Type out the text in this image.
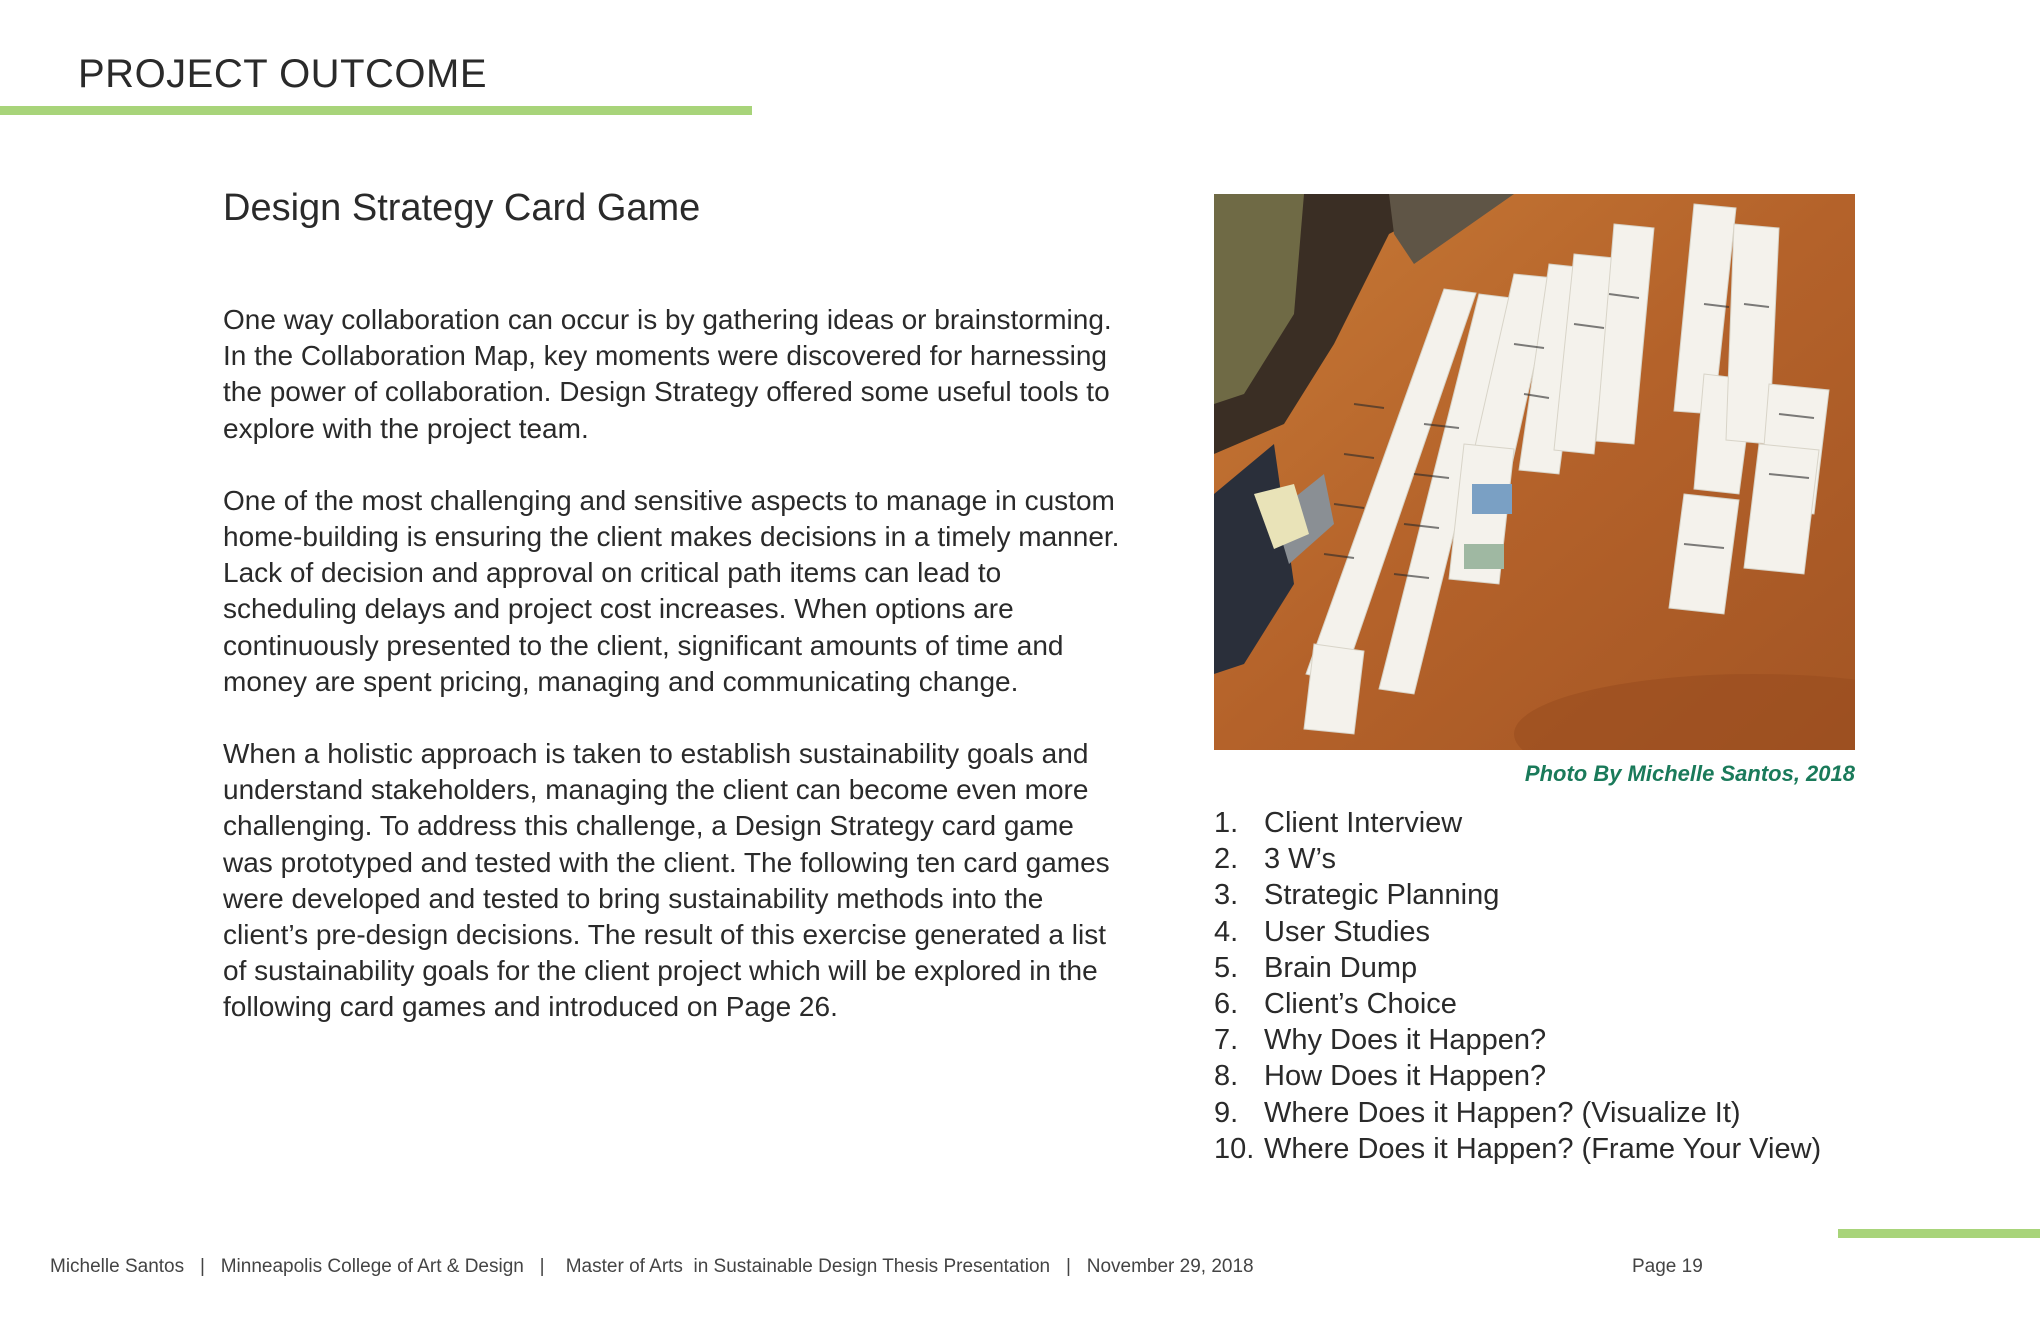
PROJECT OUTCOME
Design Strategy Card Game

One way collaboration can occur is by gathering ideas or brainstorming. In the Collaboration Map, key moments were discovered for harnessing the power of collaboration. Design Strategy offered some useful tools to explore with the project team.

One of the most challenging and sensitive aspects to manage in custom home-building is ensuring the client makes decisions in a timely manner. Lack of decision and approval on critical path items can lead to scheduling delays and project cost increases. When options are continuously presented to the client, significant amounts of time and money are spent pricing, managing and communicating change.

When a holistic approach is taken to establish sustainability goals and understand stakeholders, managing the client can become even more challenging. To address this challenge, a Design Strategy card game was prototyped and tested with the client. The following ten card games were developed and tested to bring sustainability methods into the client’s pre-design decisions. The result of this exercise generated a list of sustainability goals for the client project which will be explored in the following card games and introduced on Page 26.

Photo By Michelle Santos, 2018
1. Client Interview
2. 3 W’s
3. Strategic Planning
4. User Studies
5. Brain Dump
6. Client’s Choice
7. Why Does it Happen?
8. How Does it Happen?
9. Where Does it Happen? (Visualize It)
10. Where Does it Happen? (Frame Your View)
Michelle Santos   |   Minneapolis College of Art & Design   |    Master of Arts  in Sustainable Design Thesis Presentation   |   November 29, 2018	Page 19
